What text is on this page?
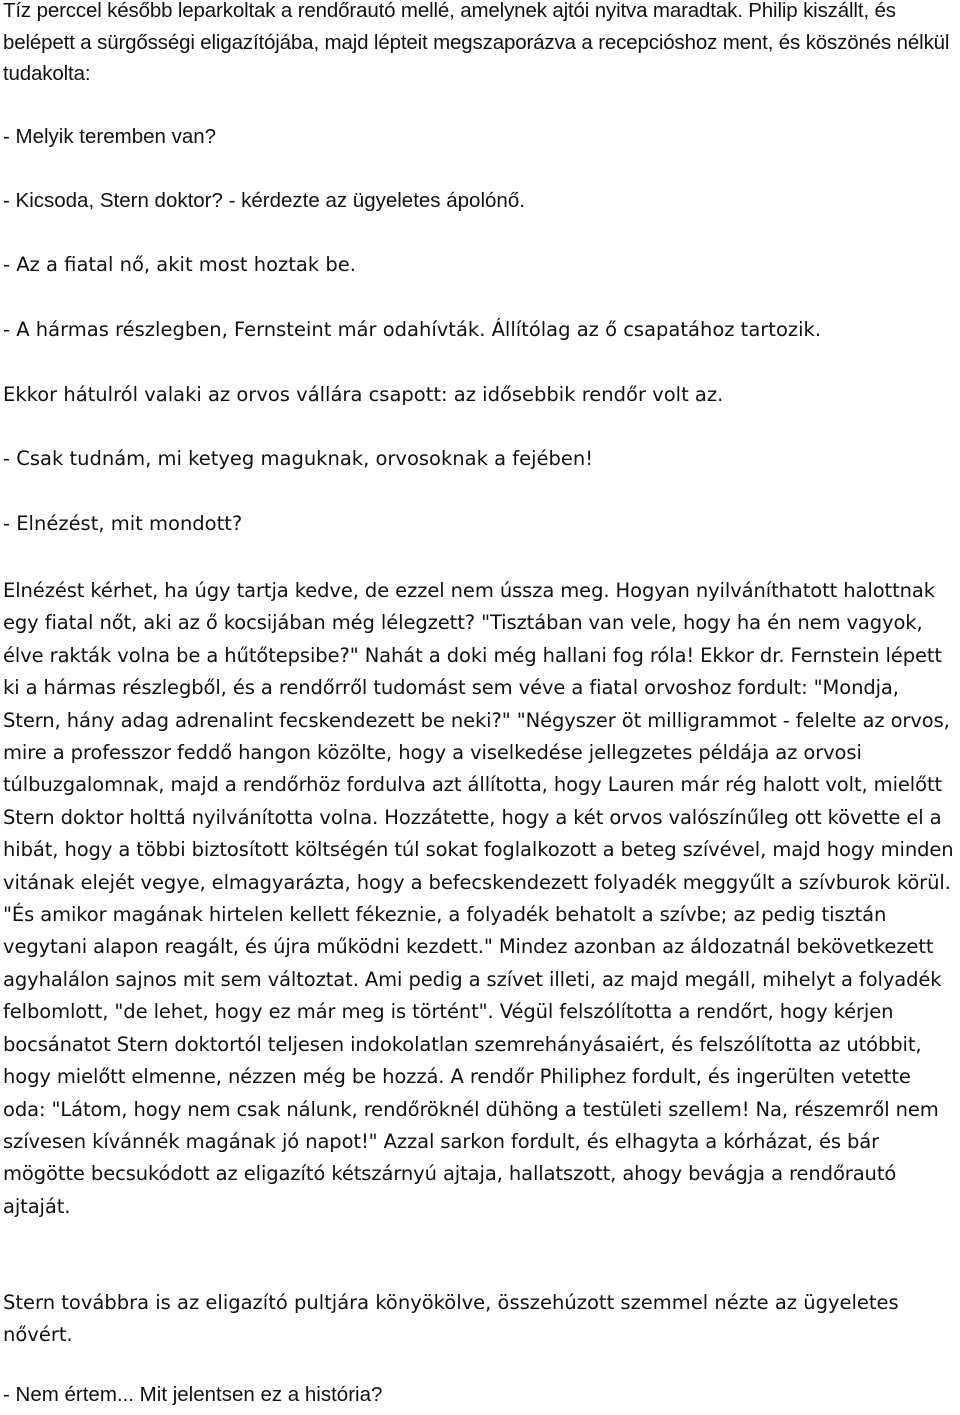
Tíz perccel később leparkoltak a rendőrautó mellé, amelynek ajtói nyitva maradtak. Philip kiszállt, és belépett a sürgősségi eligazítójába, majd lépteit megszaporázva a recepcióshoz ment, és köszönés nélkül tudakolta:

- Melyik teremben van?

- Kicsoda, Stern doktor? - kérdezte az ügyeletes ápolónő.

- Az a fiatal nő, akit most hoztak be.

- A hármas részlegben, Fernsteint már odahívták. Állítólag az ő csapatához tartozik.

Ekkor hátulról valaki az orvos vállára csapott: az idősebbik rendőr volt az.

- Csak tudnám, mi ketyeg maguknak, orvosoknak a fejében!

- Elnézést, mit mondott?

Elnézést kérhet, ha úgy tartja kedve, de ezzel nem ússza meg. Hogyan nyilváníthatott halottnak egy fiatal nőt, aki az ő kocsijában még lélegzett? "Tisztában van vele, hogy ha én nem vagyok, élve rakták volna be a hűtőtepsibe?" Nahát a doki még hallani fog róla! Ekkor dr. Fernstein lépett ki a hármas részlegből, és a rendőrről tudomást sem véve a fiatal orvoshoz fordult: "Mondja, Stern, hány adag adrenalint fecskendezett be neki?" "Négyszer öt milligrammot - felelte az orvos, mire a professzor feddő hangon közölte, hogy a viselkedése jellegzetes példája az orvosi túlbuzgalomnak, majd a rendőrhöz fordulva azt állította, hogy Lauren már rég halott volt, mielőtt Stern doktor holttá nyilvánította volna. Hozzátette, hogy a két orvos valószínűleg ott követte el a hibát, hogy a többi biztosított költségén túl sokat foglalkozott a beteg szívével, majd hogy minden vitának elejét vegye, elmagyarázta, hogy a befecskendezett folyadék meggyűlt a szívburok körül. "És amikor magának hirtelen kellett fékeznie, a folyadék behatolt a szívbe; az pedig tisztán vegytani alapon reagált, és újra működni kezdett." Mindez azonban az áldozatnál bekövetkezett agyhalálon sajnos mit sem változtat. Ami pedig a szívet illeti, az majd megáll, mihelyt a folyadék felbomlott, "de lehet, hogy ez már meg is történt". Végül felszólította a rendőrt, hogy kérjen bocsánatot Stern doktortól teljesen indokolatlan szemrehányásaiért, és felszólította az utóbbit, hogy mielőtt elmenne, nézzen még be hozzá. A rendőr Philiphez fordult, és ingerülten vetette oda: "Látom, hogy nem csak nálunk, rendőröknél dühöng a testületi szellem! Na, részemről nem szívesen kívánnék magának jó napot!" Azzal sarkon fordult, és elhagyta a kórházat, és bár mögötte becsukódott az eligazító kétszárnyú ajtaja, hallatszott, ahogy bevágja a rendőrautó ajtaját.

Stern továbbra is az eligazító pultjára könyökölve, összehúzott szemmel nézte az ügyeletes nővért.

- Nem értem... Mit jelentsen ez a história?
